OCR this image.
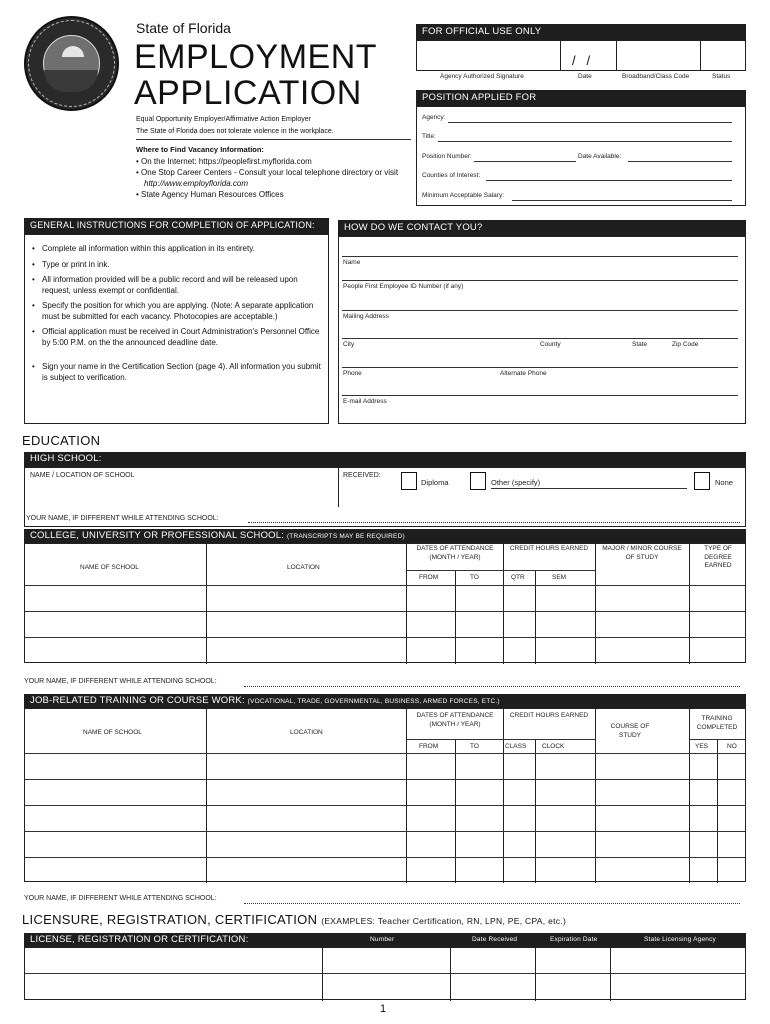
State of Florida
EMPLOYMENT
APPLICATION
Equal Opportunity Employer/Affirmative Action Employer
The State of Florida does not tolerate violence in the workplace.
Where to Find Vacancy Information:
• On the Internet: https://peoplefirst.myflorida.com
• One Stop Career Centers - Consult your local telephone directory or visit
http://www.employflorida.com
• State Agency Human Resources Offices
FOR OFFICIAL USE ONLY
/   /
Agency Authorized Signature	Date	Broadband/Class Code	Status
POSITION APPLIED FOR
Agency:
Title:
Position Number:	Date Available:
Counties of Interest:
Minimum Acceptable Salary:
GENERAL INSTRUCTIONS FOR COMPLETION OF APPLICATION:
• Complete all information within this application in its entirety.
• Type or print in ink.
• All information provided will be a public record and will be released upon request, unless exempt or confidential.
• Specify the position for which you are applying. (Note: A separate application must be submitted for each vacancy. Photocopies are acceptable.)
• Official application must be received in Court Administration's Personnel Office by 5:00 P.M. on the the announced deadline date.
• Sign your name in the Certification Section (page 4). All information you submit is subject to verification.
HOW DO WE CONTACT YOU?
Name
People First Employee ID Number (if any)
Mailing Address
City	County	State	Zip Code
Phone	Alternate Phone
E-mail Address
EDUCATION
HIGH SCHOOL:
NAME / LOCATION OF SCHOOL	RECEIVED:
Diploma	Other (specify)	None
YOUR NAME, IF DIFFERENT WHILE ATTENDING SCHOOL:
COLLEGE, UNIVERSITY OR PROFESSIONAL SCHOOL: (TRANSCRIPTS MAY BE REQUIRED)
NAME OF SCHOOL	LOCATION
DATES OF ATTENDANCE (MONTH / YEAR)
FROM	TO
CREDIT HOURS EARNED
QTR	SEM
MAJOR / MINOR COURSE OF STUDY
TYPE OF DEGREE EARNED
YOUR NAME, IF DIFFERENT WHILE ATTENDING SCHOOL:
JOB-RELATED TRAINING OR COURSE WORK: (VOCATIONAL, TRADE, GOVERNMENTAL, BUSINESS, ARMED FORCES, ETC.)
NAME OF SCHOOL	LOCATION
DATES OF ATTENDANCE (MONTH / YEAR)
FROM	TO
CREDIT HOURS EARNED
CLASS CLOCK
COURSE OF STUDY
TRAINING COMPLETED
YES	NO
YOUR NAME, IF DIFFERENT WHILE ATTENDING SCHOOL:
LICENSURE, REGISTRATION, CERTIFICATION (EXAMPLES: Teacher Certification, RN, LPN, PE, CPA, etc.)
LICENSE, REGISTRATION OR CERTIFICATION:	Number	Date Received	Expiration Date	State Licensing Agency
1
